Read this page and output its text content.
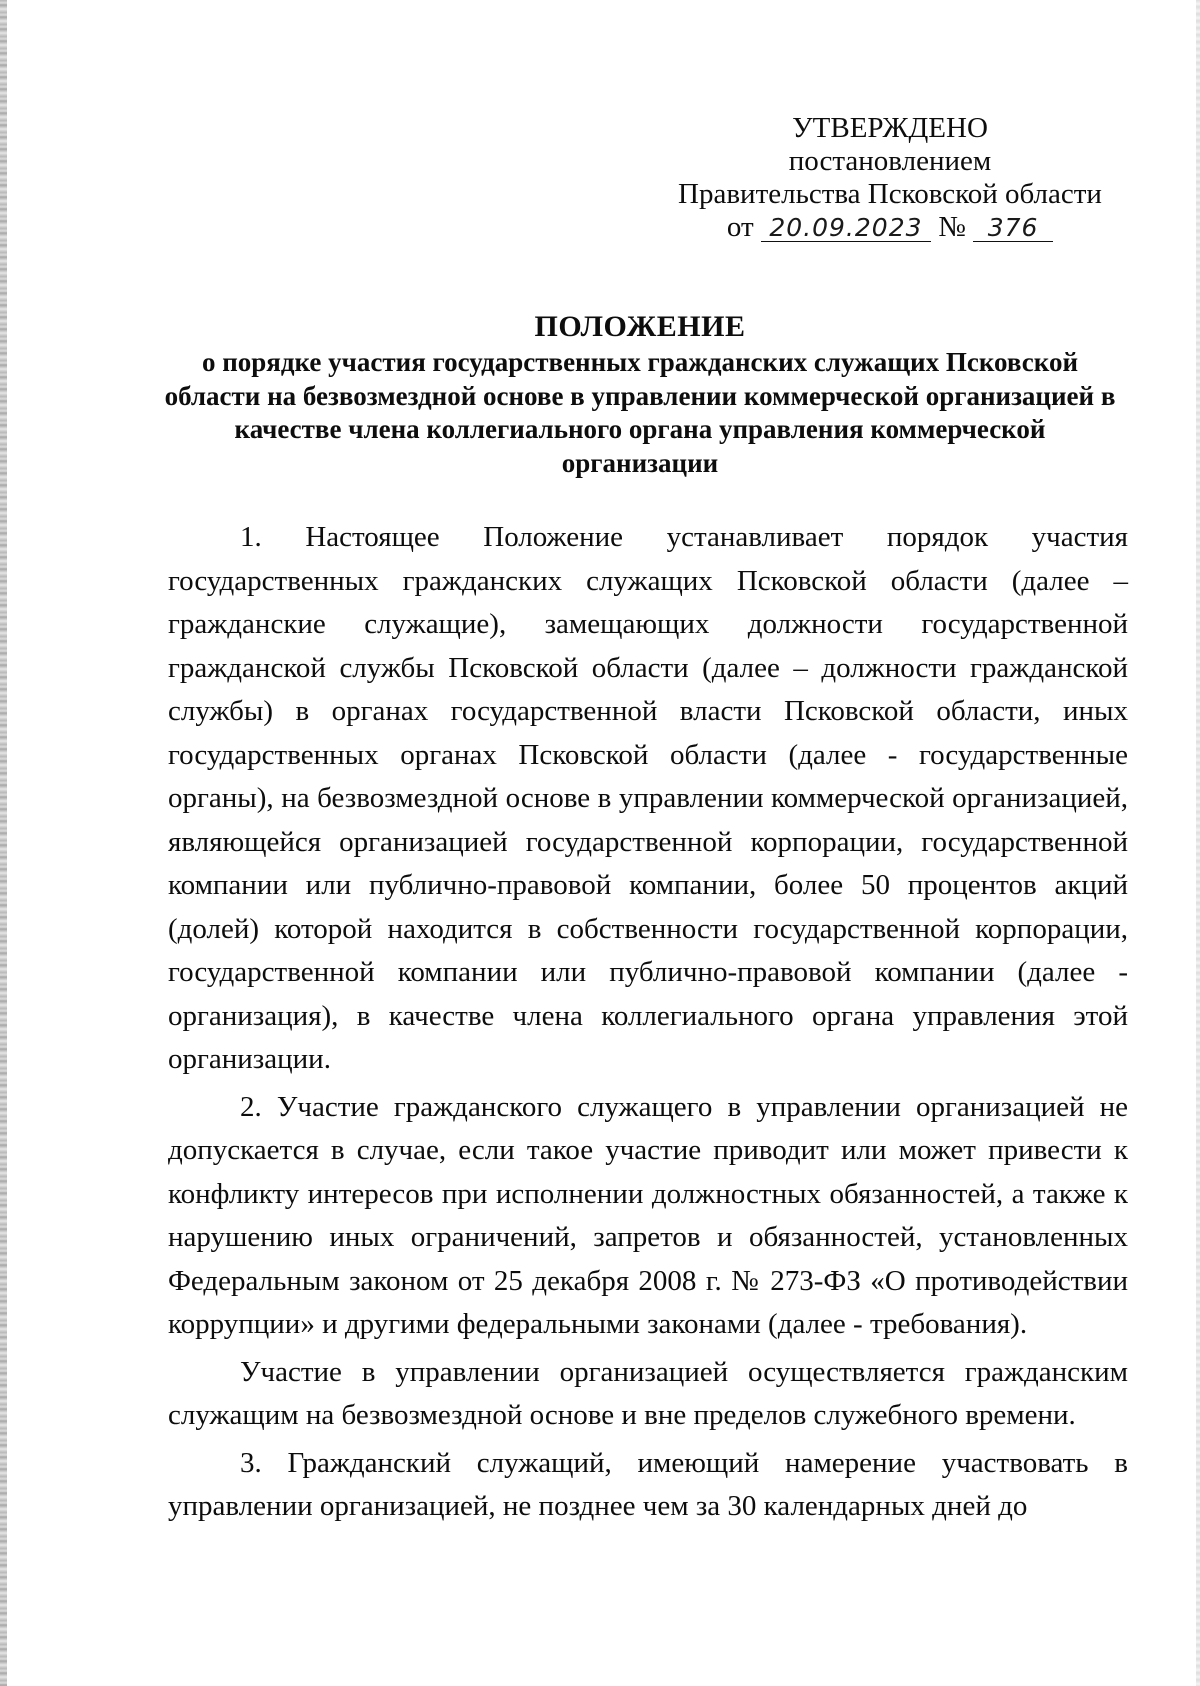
УТВЕРЖДЕНО
постановлением
Правительства Псковской области
от 20.09.2023 № 376
ПОЛОЖЕНИЕ
о порядке участия государственных гражданских служащих Псковской области на безвозмездной основе в управлении коммерческой организацией в качестве члена коллегиального органа управления коммерческой организации

1. Настоящее Положение устанавливает порядок участия государственных гражданских служащих Псковской области (далее – гражданские служащие), замещающих должности государственной гражданской службы Псковской области (далее – должности гражданской службы) в органах государственной власти Псковской области, иных государственных органах Псковской области (далее - государственные органы), на безвозмездной основе в управлении коммерческой организацией, являющейся организацией государственной корпорации, государственной компании или публично-правовой компании, более 50 процентов акций (долей) которой находится в собственности государственной корпорации, государственной компании или публично-правовой компании (далее - организация), в качестве члена коллегиального органа управления этой организации.

2. Участие гражданского служащего в управлении организацией не допускается в случае, если такое участие приводит или может привести к конфликту интересов при исполнении должностных обязанностей, а также к нарушению иных ограничений, запретов и обязанностей, установленных Федеральным законом от 25 декабря 2008 г. № 273-ФЗ «О противодействии коррупции» и другими федеральными законами (далее - требования).

Участие в управлении организацией осуществляется гражданским служащим на безвозмездной основе и вне пределов служебного времени.

3. Гражданский служащий, имеющий намерение участвовать в управлении организацией, не позднее чем за 30 календарных дней до
